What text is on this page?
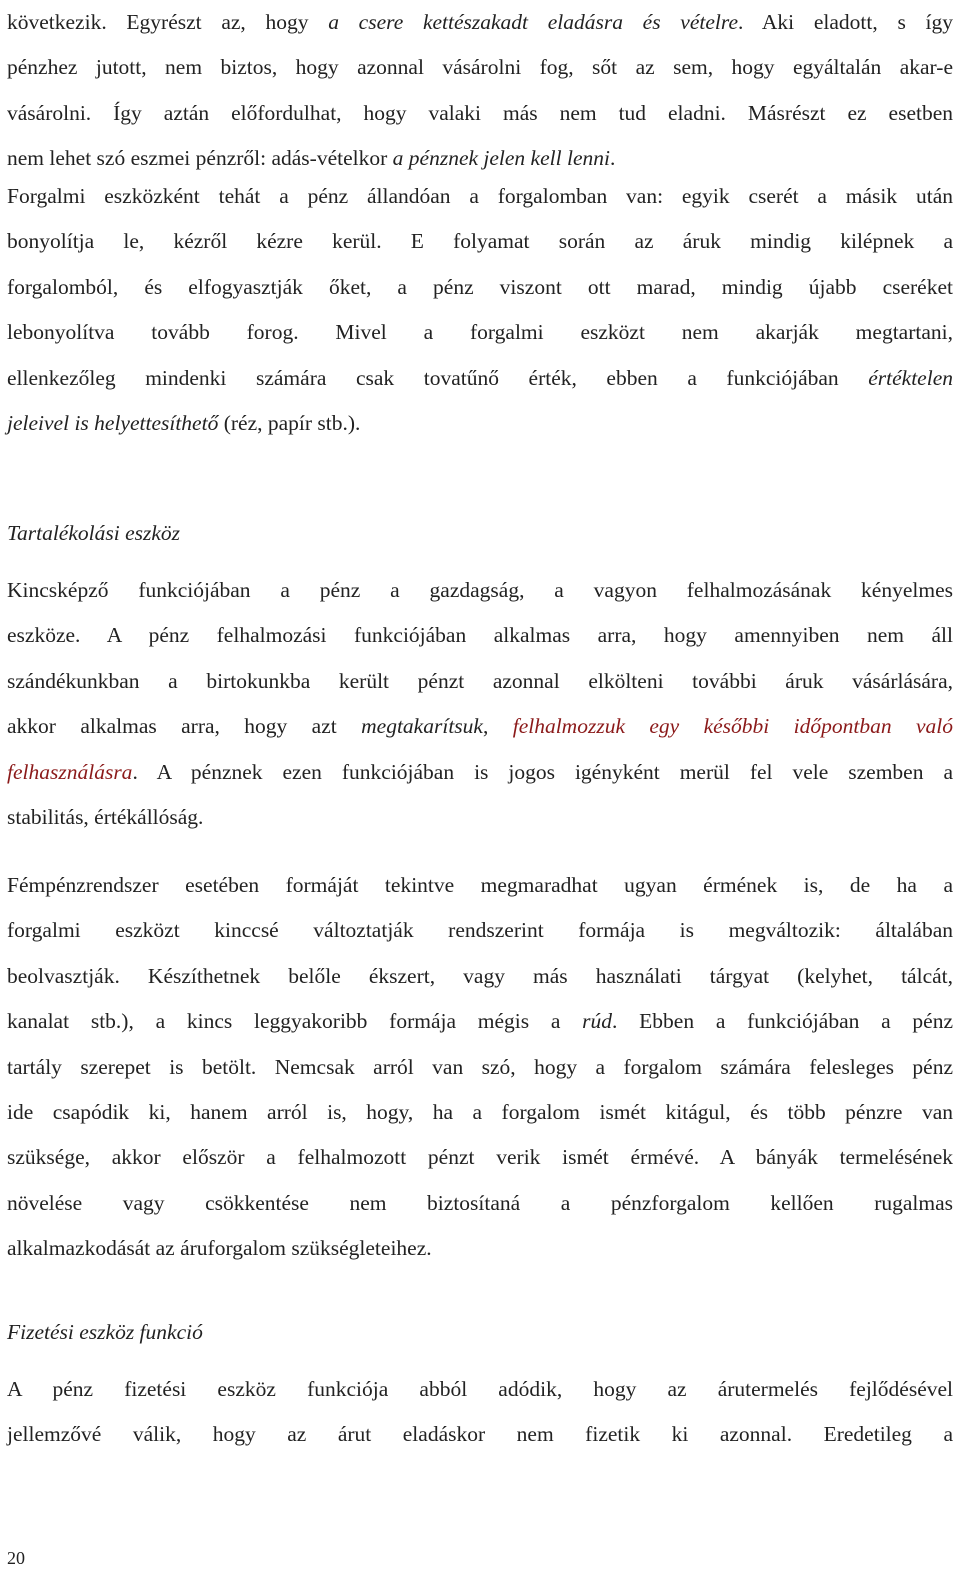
következik. Egyrészt az, hogy a csere kettészakadt eladásra és vételre. Aki eladott, s így
pénzhez jutott, nem biztos, hogy azonnal vásárolni fog, sőt az sem, hogy egyáltalán akar-e
vásárolni. Így aztán előfordulhat, hogy valaki más nem tud eladni. Másrészt ez esetben
nem lehet szó eszmei pénzről: adás-vételkor a pénznek jelen kell lenni.
Forgalmi eszközként tehát a pénz állandóan a forgalomban van: egyik cserét a másik után
bonyolítja le, kézről kézre kerül. E folyamat során az áruk mindig kilépnek a
forgalomból, és elfogyasztják őket, a pénz viszont ott marad, mindig újabb cseréket
lebonyolítva tovább forog. Mivel a forgalmi eszközt nem akarják megtartani,
ellenkezőleg mindenki számára csak tovatűnő érték, ebben a funkciójában értéktelen
jeleivel is helyettesíthető (réz, papír stb.).
Tartalékolási eszköz
Kincsképző funkciójában a pénz a gazdagság, a vagyon felhalmozásának kényelmes
eszköze. A pénz felhalmozási funkciójában alkalmas arra, hogy amennyiben nem áll
szándékunkban a birtokunkba került pénzt azonnal elkölteni további áruk vásárlására,
akkor alkalmas arra, hogy azt megtakarítsuk, felhalmozzuk egy későbbi időpontban való
felhasználásra. A pénznek ezen funkciójában is jogos igényként merül fel vele szemben a
stabilitás, értékállóság.
Fémpénzrendszer esetében formáját tekintve megmaradhat ugyan érmének is, de ha a
forgalmi eszközt kinccsé változtatják rendszerint formája is megváltozik: általában
beolvasztják. Készíthetnek belőle ékszert, vagy más használati tárgyat (kelyhet, tálcát,
kanalat stb.), a kincs leggyakoribb formája mégis a rúd. Ebben a funkciójában a pénz
tartály szerepet is betölt. Nemcsak arról van szó, hogy a forgalom számára felesleges pénz
ide csapódik ki, hanem arról is, hogy, ha a forgalom ismét kitágul, és több pénzre van
szüksége, akkor először a felhalmozott pénzt verik ismét érmévé. A bányák termelésének
növelése vagy csökkentése nem biztosítaná a pénzforgalom kellően rugalmas
alkalmazkodását az áruforgalom szükségleteihez.
Fizetési eszköz funkció
A pénz fizetési eszköz funkciója abból adódik, hogy az árutermelés fejlődésével
jellemzővé válik, hogy az árut eladáskor nem fizetik ki azonnal. Eredetileg a
20
